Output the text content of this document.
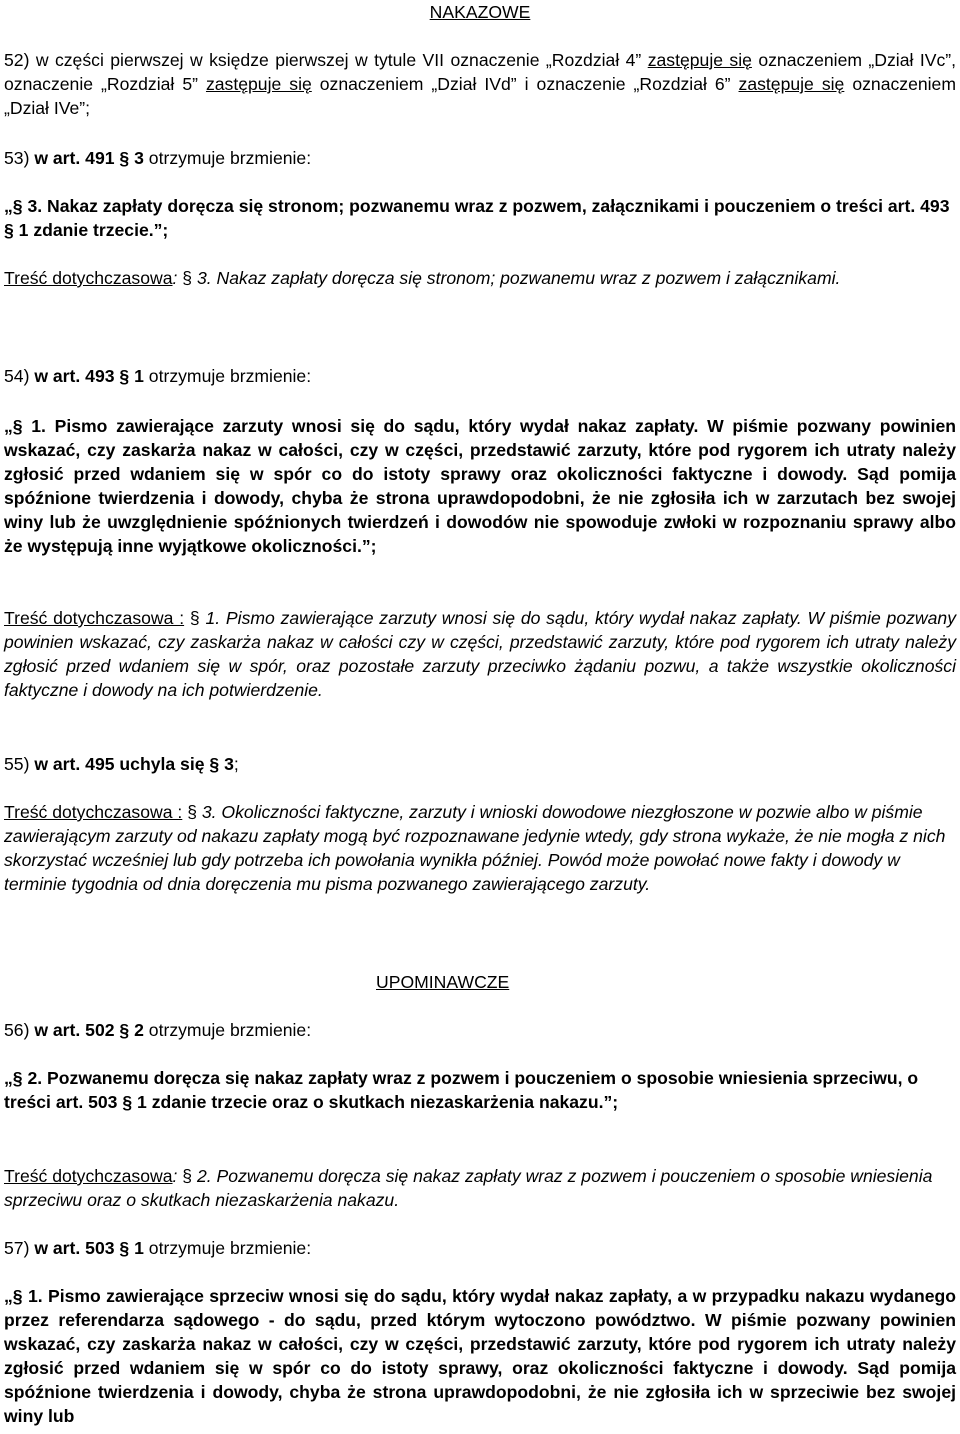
NAKAZOWE
52) w części pierwszej w księdze pierwszej w tytule VII oznaczenie „Rozdział 4” zastępuje się oznaczeniem „Dział IVc”, oznaczenie „Rozdział 5” zastępuje się oznaczeniem „Dział IVd” i oznaczenie „Rozdział 6” zastępuje się oznaczeniem „Dział IVe”;
53) w art. 491 § 3 otrzymuje brzmienie:
„§ 3. Nakaz zapłaty doręcza się stronom; pozwanemu wraz z pozwem, załącznikami i pouczeniem o treści art. 493 § 1 zdanie trzecie.”;
Treść dotychczasowa: § 3. Nakaz zapłaty doręcza się stronom; pozwanemu wraz z pozwem i załącznikami.
54) w art. 493 § 1 otrzymuje brzmienie:
„§ 1. Pismo zawierające zarzuty wnosi się do sądu, który wydał nakaz zapłaty. W piśmie pozwany powinien wskazać, czy zaskarża nakaz w całości, czy w części, przedstawić zarzuty, które pod rygorem ich utraty należy zgłosić przed wdaniem się w spór co do istoty sprawy oraz okoliczności faktyczne i dowody. Sąd pomija spóźnione twierdzenia i dowody, chyba że strona uprawdopodobni, że nie zgłosiła ich w zarzutach bez swojej winy lub że uwzględnienie spóźnionych twierdzeń i dowodów nie spowoduje zwłoki w rozpoznaniu sprawy albo że występują inne wyjątkowe okoliczności.”;
Treść dotychczasowa : § 1. Pismo zawierające zarzuty wnosi się do sądu, który wydał nakaz zapłaty. W piśmie pozwany powinien wskazać, czy zaskarża nakaz w całości czy w części, przedstawić zarzuty, które pod rygorem ich utraty należy zgłosić przed wdaniem się w spór, oraz pozostałe zarzuty przeciwko żądaniu pozwu, a także wszystkie okoliczności faktyczne i dowody na ich potwierdzenie.
55) w art. 495 uchyla się § 3;
Treść dotychczasowa : § 3. Okoliczności faktyczne, zarzuty i wnioski dowodowe niezgłoszone w pozwie albo w piśmie zawierającym zarzuty od nakazu zapłaty mogą być rozpoznawane jedynie wtedy, gdy strona wykaże, że nie mogła z nich skorzystać wcześniej lub gdy potrzeba ich powołania wynikła później. Powód może powołać nowe fakty i dowody w terminie tygodnia od dnia doręczenia mu pisma pozwanego zawierającego zarzuty.
UPOMINAWCZE
56) w art. 502 § 2 otrzymuje brzmienie:
„§ 2. Pozwanemu doręcza się nakaz zapłaty wraz z pozwem i pouczeniem o sposobie wniesienia sprzeciwu, o treści art. 503 § 1 zdanie trzecie oraz o skutkach niezaskarżenia nakazu.”;
Treść dotychczasowa: § 2. Pozwanemu doręcza się nakaz zapłaty wraz z pozwem i pouczeniem o sposobie wniesienia sprzeciwu oraz o skutkach niezaskarżenia nakazu.
57) w art. 503 § 1 otrzymuje brzmienie:
„§ 1. Pismo zawierające sprzeciw wnosi się do sądu, który wydał nakaz zapłaty, a w przypadku nakazu wydanego przez referendarza sądowego - do sądu, przed którym wytoczono powództwo. W piśmie pozwany powinien wskazać, czy zaskarża nakaz w całości, czy w części, przedstawić zarzuty, które pod rygorem ich utraty należy zgłosić przed wdaniem się w spór co do istoty sprawy, oraz okoliczności faktyczne i dowody. Sąd pomija spóźnione twierdzenia i dowody, chyba że strona uprawdopodobni, że nie zgłosiła ich w sprzeciwie bez swojej winy lub
